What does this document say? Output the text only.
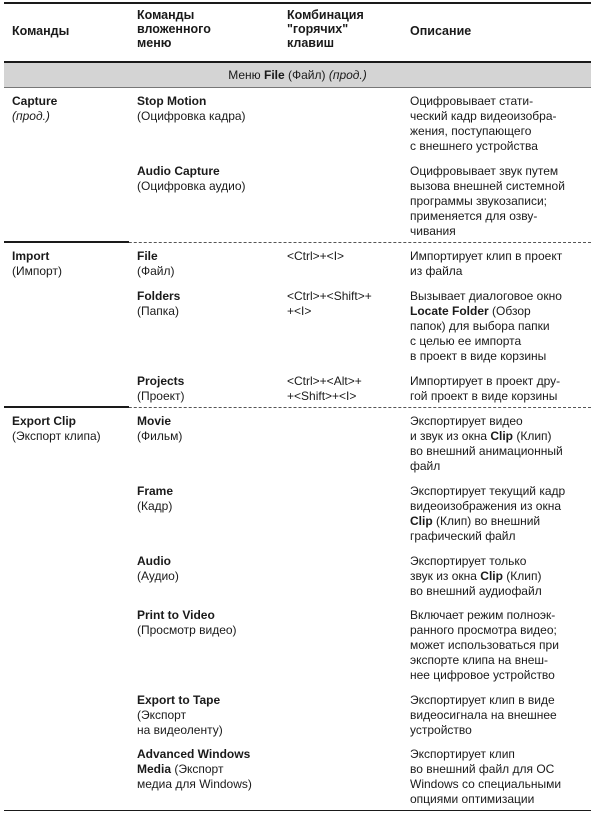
Команды
Команды
вложенного
меню
Комбинация
"горячих"
клавиш
Описание
Меню File (Файл) (прод.)
Capture
(прод.)
Stop Motion
(Оцифровка кадра)
Оцифровывает стати-
ческий кадр видеоизобра-
жения, поступающего
с внешнего устройства
Audio Capture
(Оцифровка аудио)
Оцифровывает звук путем
вызова внешней системной
программы звукозаписи;
применяется для озву-
чивания
Import
(Импорт)
File
(Файл)
<Ctrl>+<I>	Импортирует клип в проект
из файла
Folders
(Папка)
<Ctrl>+<Shift>+
+<I>
Вызывает диалоговое окно
Locate Folder (Обзор
папок) для выбора папки
с целью ее импорта
в проект в виде корзины
Projects
(Проект)
<Ctrl>+<Alt>+
+<Shift>+<I>
Импортирует в проект дру-
гой проект в виде корзины
Export Clip
(Экспорт клипа)
Movie
(Фильм)
Экспортирует видео
и звук из окна Clip (Клип)
во внешний анимационный
файл
Frame
(Кадр)
Экспортирует текущий кадр
видеоизображения из окна
Clip (Клип) во внешний
графический файл
Audio
(Аудио)
Экспортирует только
звук из окна Clip (Клип)
во внешний аудиофайл
Print to Video
(Просмотр видео)
Включает режим полноэк-
ранного просмотра видео;
может использоваться при
экспорте клипа на внеш-
нее цифровое устройство
Export to Tape
(Экспорт
на видеоленту)
Экспортирует клип в виде
видеосигнала на внешнее
устройство
Advanced Windows
Media (Экспорт
медиа для Windows)
Экспортирует клип
во внешний файл для ОС
Windows со специальными
опциями оптимизации
